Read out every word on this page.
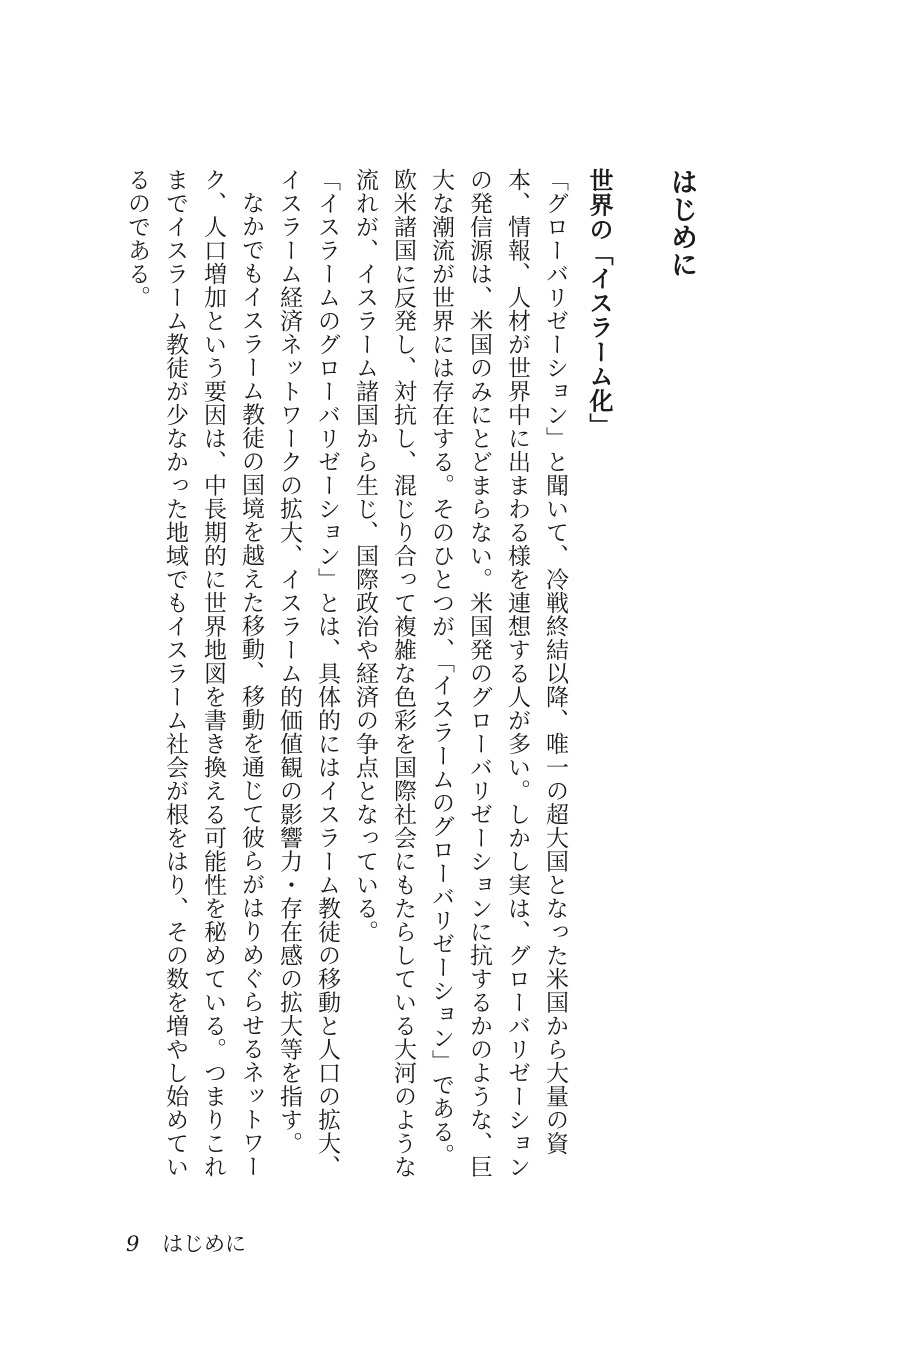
はじめに
世界の「イスラーム化」

「グローバリゼーション」と聞いて、冷戦終結以降、唯一の超大国となった米国から大量の資本、情報、人材が世界中に出まわる様を連想する人が多い。しかし実は、グローバリゼーションの発信源は、米国のみにとどまらない。米国発のグローバリゼーションに抗するかのような、巨大な潮流が世界には存在する。そのひとつが、「イスラームのグローバリゼーション」である。欧米諸国に反発し、対抗し、混じり合って複雑な色彩を国際社会にもたらしている大河のような流れが、イスラーム諸国から生じ、国際政治や経済の争点となっている。

「イスラームのグローバリゼーション」とは、具体的にはイスラーム教徒の移動と人口の拡大、イスラーム経済ネットワークの拡大、イスラーム的価値観の影響力・存在感の拡大等を指す。

なかでもイスラーム教徒の国境を越えた移動、移動を通じて彼らがはりめぐらせるネットワーク、人口増加という要因は、中長期的に世界地図を書き換える可能性を秘めている。つまりこれまでイスラーム教徒が少なかった地域でもイスラーム社会が根をはり、その数を増やし始めているのである。

9 はじめに
